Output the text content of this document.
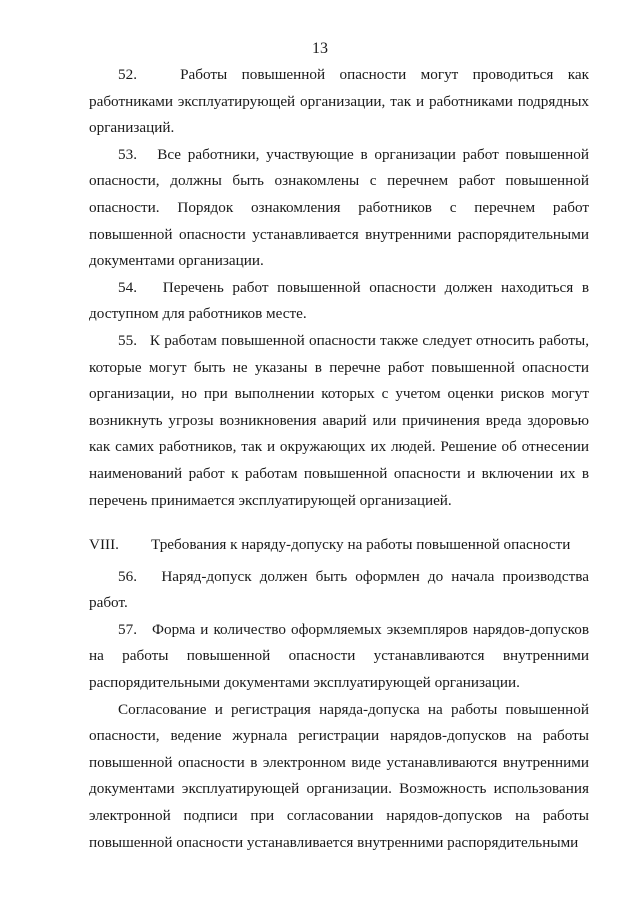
13

52.   Работы повышенной опасности могут проводиться как работниками эксплуатирующей организации, так и работниками подрядных организаций.

53.   Все работники, участвующие в организации работ повышенной опасности, должны быть ознакомлены с перечнем работ повышенной опасности. Порядок ознакомления работников с перечнем работ повышенной опасности устанавливается внутренними распорядительными документами организации.

54.   Перечень работ повышенной опасности должен находиться в доступном для работников месте.

55.   К работам повышенной опасности также следует относить работы, которые могут быть не указаны в перечне работ повышенной опасности организации, но при выполнении которых с учетом оценки рисков могут возникнуть угрозы возникновения аварий или причинения вреда здоровью как самих работников, так и окружающих их людей. Решение об отнесении наименований работ к работам повышенной опасности и включении их в перечень принимается эксплуатирующей организацией.

VIII.	Требования к наряду-допуску на работы повышенной опасности

56.   Наряд-допуск должен быть оформлен до начала производства работ.

57.   Форма и количество оформляемых экземпляров нарядов-допусков на работы повышенной опасности устанавливаются внутренними распорядительными документами эксплуатирующей организации.

Согласование и регистрация наряда-допуска на работы повышенной опасности, ведение журнала регистрации нарядов-допусков на работы повышенной опасности в электронном виде устанавливаются внутренними документами эксплуатирующей организации. Возможность использования электронной подписи при согласовании нарядов-допусков на работы повышенной опасности устанавливается внутренними распорядительными
